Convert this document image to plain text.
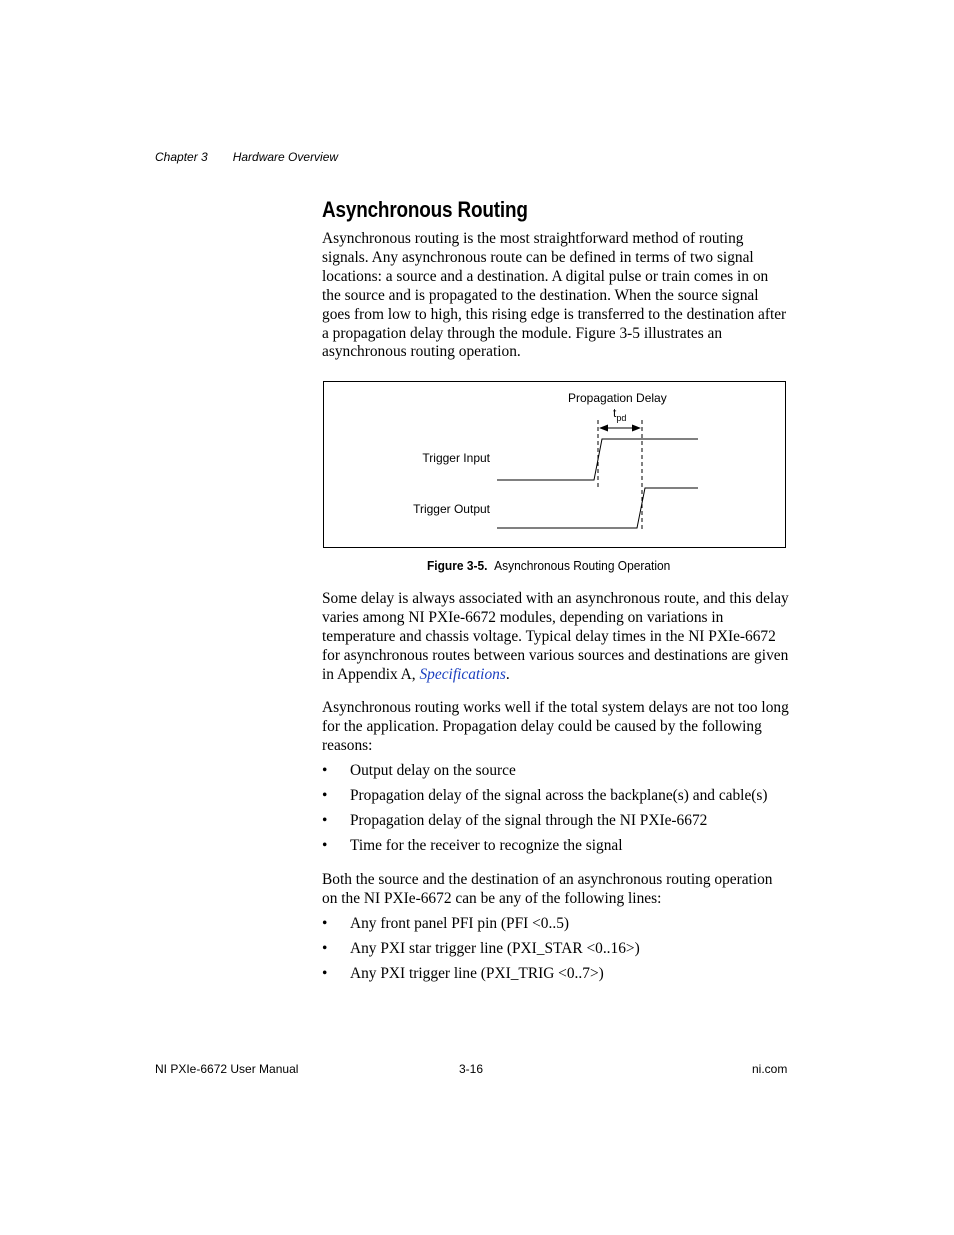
Chapter 3 Hardware Overview
Asynchronous Routing

Asynchronous routing is the most straightforward method of routing signals. Any asynchronous route can be defined in terms of two signal locations: a source and a destination. A digital pulse or train comes in on the source and is propagated to the destination. When the source signal goes from low to high, this rising edge is transferred to the destination after a propagation delay through the module. Figure 3-5 illustrates an asynchronous routing operation.

Propagation Delay
$t_{pd}$
Trigger Input
Trigger Output
Figure 3-5. Asynchronous Routing Operation

Some delay is always associated with an asynchronous route, and this delay varies among NI PXIe-6672 modules, depending on variations in temperature and chassis voltage. Typical delay times in the NI PXIe-6672 for asynchronous routes between various sources and destinations are given in Appendix A, Specifications.

Asynchronous routing works well if the total system delays are not too long for the application. Propagation delay could be caused by the following reasons:

• Output delay on the source
• Propagation delay of the signal across the backplane(s) and cable(s)
• Propagation delay of the signal through the NI PXIe-6672
• Time for the receiver to recognize the signal

Both the source and the destination of an asynchronous routing operation on the NI PXIe-6672 can be any of the following lines:

• Any front panel PFI pin (PFI <0..5)
• Any PXI star trigger line (PXI_STAR <0..16>)
• Any PXI trigger line (PXI_TRIG <0..7>)
NI PXIe-6672 User Manual	3-16	ni.com
